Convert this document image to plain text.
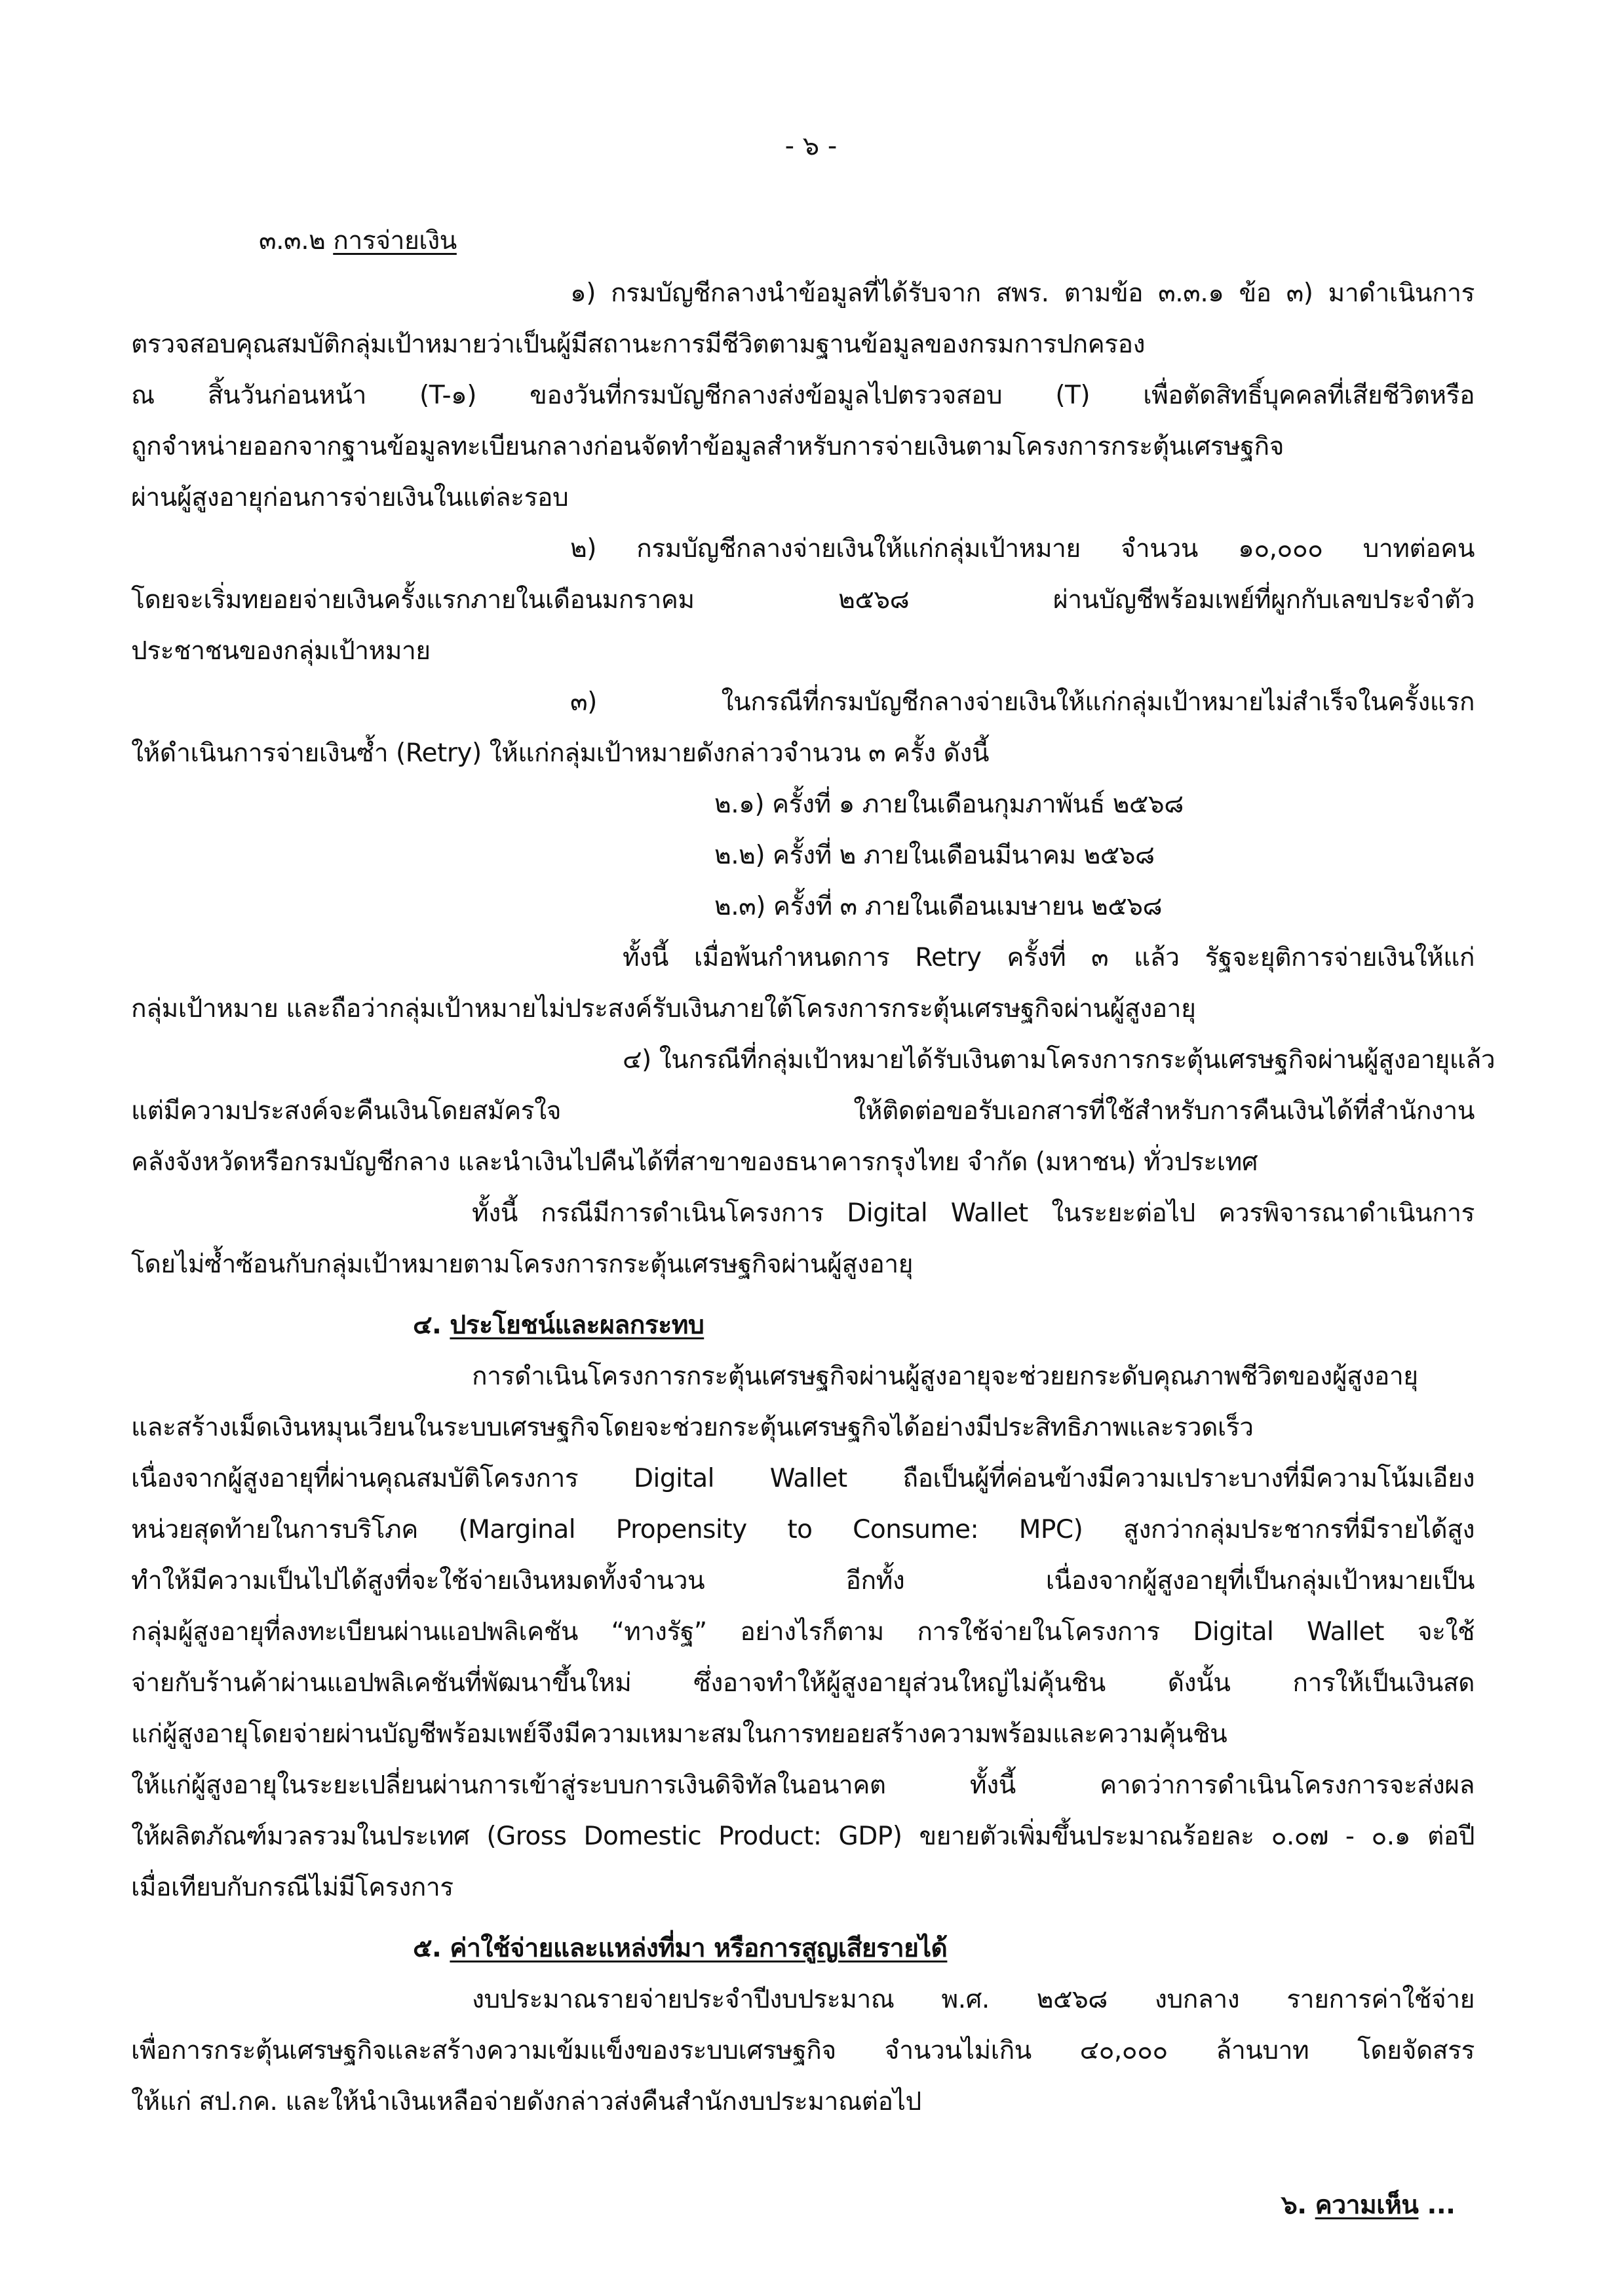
- ๖ -
๓.๓.๒ การจ่ายเงิน
๑) กรมบัญชีกลางนำข้อมูลที่ได้รับจาก สพร. ตามข้อ ๓.๓.๑ ข้อ ๓) มาดำเนินการ
ตรวจสอบคุณสมบัติกลุ่มเป้าหมายว่าเป็นผู้มีสถานะการมีชีวิตตามฐานข้อมูลของกรมการปกครอง
ณ สิ้นวันก่อนหน้า (T-๑) ของวันที่กรมบัญชีกลางส่งข้อมูลไปตรวจสอบ (T) เพื่อตัดสิทธิ์บุคคลที่เสียชีวิตหรือ
ถูกจำหน่ายออกจากฐานข้อมูลทะเบียนกลางก่อนจัดทำข้อมูลสำหรับการจ่ายเงินตามโครงการกระตุ้นเศรษฐกิจ
ผ่านผู้สูงอายุก่อนการจ่ายเงินในแต่ละรอบ
๒) กรมบัญชีกลางจ่ายเงินให้แก่กลุ่มเป้าหมาย จำนวน ๑๐,๐๐๐ บาทต่อคน
โดยจะเริ่มทยอยจ่ายเงินครั้งแรกภายในเดือนมกราคม ๒๕๖๘ ผ่านบัญชีพร้อมเพย์ที่ผูกกับเลขประจำตัว
ประชาชนของกลุ่มเป้าหมาย
๓) ในกรณีที่กรมบัญชีกลางจ่ายเงินให้แก่กลุ่มเป้าหมายไม่สำเร็จในครั้งแรก
ให้ดำเนินการจ่ายเงินซ้ำ (Retry) ให้แก่กลุ่มเป้าหมายดังกล่าวจำนวน ๓ ครั้ง ดังนี้
๒.๑) ครั้งที่ ๑ ภายในเดือนกุมภาพันธ์ ๒๕๖๘
๒.๒) ครั้งที่ ๒ ภายในเดือนมีนาคม ๒๕๖๘
๒.๓) ครั้งที่ ๓ ภายในเดือนเมษายน ๒๕๖๘
ทั้งนี้ เมื่อพ้นกำหนดการ Retry ครั้งที่ ๓ แล้ว รัฐจะยุติการจ่ายเงินให้แก่
กลุ่มเป้าหมาย และถือว่ากลุ่มเป้าหมายไม่ประสงค์รับเงินภายใต้โครงการกระตุ้นเศรษฐกิจผ่านผู้สูงอายุ
๔) ในกรณีที่กลุ่มเป้าหมายได้รับเงินตามโครงการกระตุ้นเศรษฐกิจผ่านผู้สูงอายุแล้ว
แต่มีความประสงค์จะคืนเงินโดยสมัครใจ ให้ติดต่อขอรับเอกสารที่ใช้สำหรับการคืนเงินได้ที่สำนักงาน
คลังจังหวัดหรือกรมบัญชีกลาง และนำเงินไปคืนได้ที่สาขาของธนาคารกรุงไทย จำกัด (มหาชน) ทั่วประเทศ
ทั้งนี้ กรณีมีการดำเนินโครงการ Digital Wallet ในระยะต่อไป ควรพิจารณาดำเนินการ
โดยไม่ซ้ำซ้อนกับกลุ่มเป้าหมายตามโครงการกระตุ้นเศรษฐกิจผ่านผู้สูงอายุ
๔. ประโยชน์และผลกระทบ
การดำเนินโครงการกระตุ้นเศรษฐกิจผ่านผู้สูงอายุจะช่วยยกระดับคุณภาพชีวิตของผู้สูงอายุ
และสร้างเม็ดเงินหมุนเวียนในระบบเศรษฐกิจโดยจะช่วยกระตุ้นเศรษฐกิจได้อย่างมีประสิทธิภาพและรวดเร็ว
เนื่องจากผู้สูงอายุที่ผ่านคุณสมบัติโครงการ Digital Wallet ถือเป็นผู้ที่ค่อนข้างมีความเปราะบางที่มีความโน้มเอียง
หน่วยสุดท้ายในการบริโภค (Marginal Propensity to Consume: MPC) สูงกว่ากลุ่มประชากรที่มีรายได้สูง
ทำให้มีความเป็นไปได้สูงที่จะใช้จ่ายเงินหมดทั้งจำนวน อีกทั้ง เนื่องจากผู้สูงอายุที่เป็นกลุ่มเป้าหมายเป็น
กลุ่มผู้สูงอายุที่ลงทะเบียนผ่านแอปพลิเคชัน “ทางรัฐ” อย่างไรก็ตาม การใช้จ่ายในโครงการ Digital Wallet จะใช้
จ่ายกับร้านค้าผ่านแอปพลิเคชันที่พัฒนาขึ้นใหม่ ซึ่งอาจทำให้ผู้สูงอายุส่วนใหญ่ไม่คุ้นชิน ดังนั้น การให้เป็นเงินสด
แก่ผู้สูงอายุโดยจ่ายผ่านบัญชีพร้อมเพย์จึงมีความเหมาะสมในการทยอยสร้างความพร้อมและความคุ้นชิน
ให้แก่ผู้สูงอายุในระยะเปลี่ยนผ่านการเข้าสู่ระบบการเงินดิจิทัลในอนาคต ทั้งนี้ คาดว่าการดำเนินโครงการจะส่งผล
ให้ผลิตภัณฑ์มวลรวมในประเทศ (Gross Domestic Product: GDP) ขยายตัวเพิ่มขึ้นประมาณร้อยละ ๐.๐๗ - ๐.๑ ต่อปี
เมื่อเทียบกับกรณีไม่มีโครงการ
๕. ค่าใช้จ่ายและแหล่งที่มา หรือการสูญเสียรายได้
งบประมาณรายจ่ายประจำปีงบประมาณ พ.ศ. ๒๕๖๘ งบกลาง รายการค่าใช้จ่าย
เพื่อการกระตุ้นเศรษฐกิจและสร้างความเข้มแข็งของระบบเศรษฐกิจ จำนวนไม่เกิน ๔๐,๐๐๐ ล้านบาท โดยจัดสรร
ให้แก่ สป.กค. และให้นำเงินเหลือจ่ายดังกล่าวส่งคืนสำนักงบประมาณต่อไป
๖. ความเห็น ...
